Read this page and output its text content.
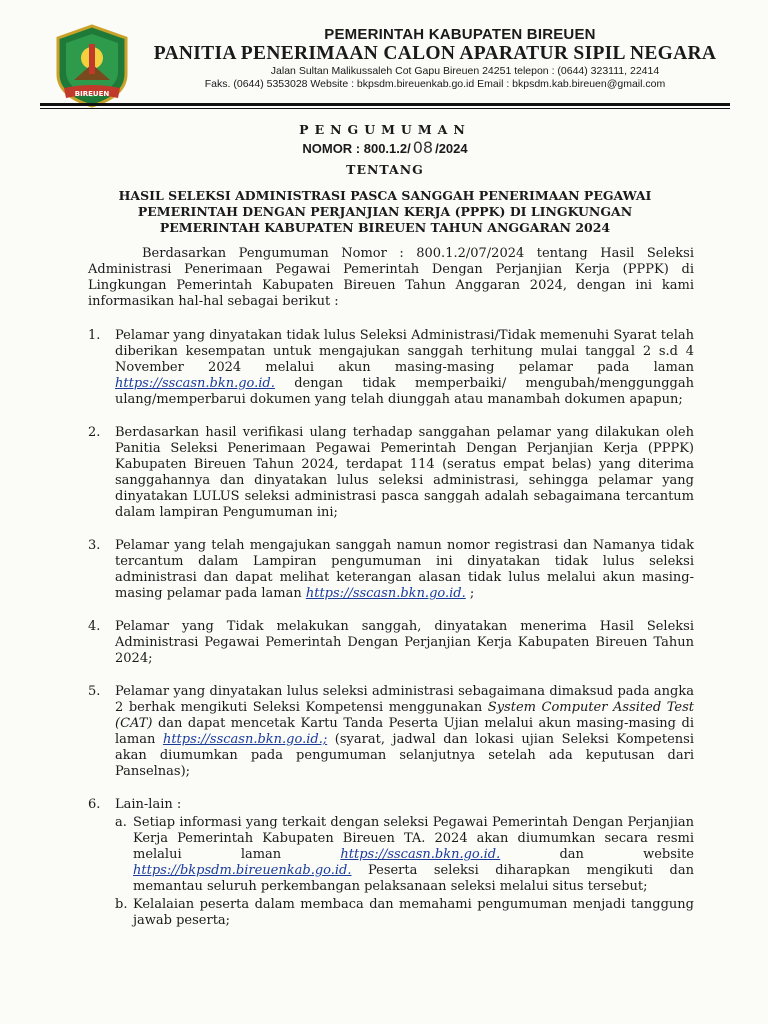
BIREUEN
PEMERINTAH KABUPATEN BIREUEN
PANITIA PENERIMAAN CALON APARATUR SIPIL NEGARA
Jalan Sultan Malikussaleh Cot Gapu Bireuen 24251 telepon : (0644) 323111, 22414
Faks. (0644) 5353028 Website : bkpsdm.bireuenkab.go.id Email : bkpsdm.kab.bireuen@gmail.com
PENGUMUMAN
NOMOR : 800.1.2/ 08 /2024
TENTANG
HASIL SELEKSI ADMINISTRASI PASCA SANGGAH PENERIMAAN PEGAWAI
PEMERINTAH DENGAN PERJANJIAN KERJA (PPPK) DI LINGKUNGAN
PEMERINTAH KABUPATEN BIREUEN TAHUN ANGGARAN 2024

Berdasarkan Pengumuman Nomor : 800.1.2/07/2024 tentang Hasil Seleksi Administrasi Penerimaan Pegawai Pemerintah Dengan Perjanjian Kerja (PPPK) di Lingkungan Pemerintah Kabupaten Bireuen Tahun Anggaran 2024, dengan ini kami informasikan hal-hal sebagai berikut :

1.	Pelamar yang dinyatakan tidak lulus Seleksi Administrasi/Tidak memenuhi Syarat telah diberikan kesempatan untuk mengajukan sanggah terhitung mulai tanggal 2 s.d 4 November 2024 melalui akun masing-masing pelamar pada laman https://sscasn.bkn.go.id. dengan tidak memperbaiki/ mengubah/menggunggah ulang/memperbarui dokumen yang telah diunggah atau manambah dokumen apapun;
2.	Berdasarkan hasil verifikasi ulang terhadap sanggahan pelamar yang dilakukan oleh Panitia Seleksi Penerimaan Pegawai Pemerintah Dengan Perjanjian Kerja (PPPK) Kabupaten Bireuen Tahun 2024, terdapat 114 (seratus empat belas) yang diterima sanggahannya dan dinyatakan lulus seleksi administrasi, sehingga pelamar yang dinyatakan LULUS seleksi administrasi pasca sanggah adalah sebagaimana tercantum dalam lampiran Pengumuman ini;
3.	Pelamar yang telah mengajukan sanggah namun nomor registrasi dan Namanya tidak tercantum dalam Lampiran pengumuman ini dinyatakan tidak lulus seleksi administrasi dan dapat melihat keterangan alasan tidak lulus melalui akun masing-masing pelamar pada laman https://sscasn.bkn.go.id. ;
4.	Pelamar yang Tidak melakukan sanggah, dinyatakan menerima Hasil Seleksi Administrasi Pegawai Pemerintah Dengan Perjanjian Kerja Kabupaten Bireuen Tahun 2024;
5.	Pelamar yang dinyatakan lulus seleksi administrasi sebagaimana dimaksud pada angka 2 berhak mengikuti Seleksi Kompetensi menggunakan System Computer Assited Test (CAT) dan dapat mencetak Kartu Tanda Peserta Ujian melalui akun masing-masing di laman https://sscasn.bkn.go.id.; (syarat, jadwal dan lokasi ujian Seleksi Kompetensi akan diumumkan pada pengumuman selanjutnya setelah ada keputusan dari Panselnas);
6.	Lain-lain :
a. Setiap informasi yang terkait dengan seleksi Pegawai Pemerintah Dengan Perjanjian Kerja Pemerintah Kabupaten Bireuen TA. 2024 akan diumumkan secara resmi melalui laman https://sscasn.bkn.go.id. dan website https://bkpsdm.bireuenkab.go.id. Peserta seleksi diharapkan mengikuti dan memantau seluruh perkembangan pelaksanaan seleksi melalui situs tersebut;
b. Kelalaian peserta dalam membaca dan memahami pengumuman menjadi tanggung jawab peserta;
